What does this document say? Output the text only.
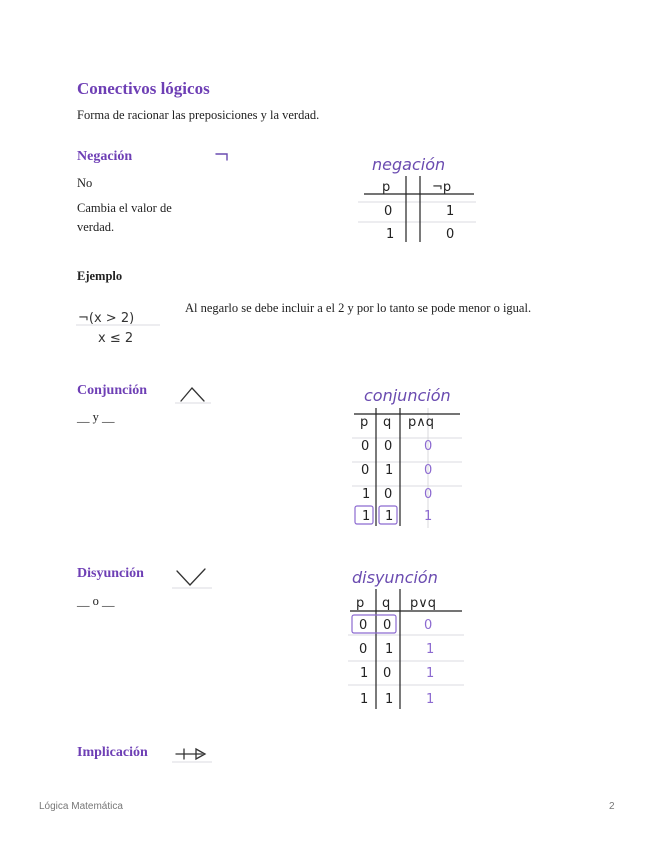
Conectivos lógicos
Forma de racionar las preposiciones y la verdad.
Negación
No
Cambia el valor de
verdad.
negación
p	¬p
0	1
1	0
Ejemplo
¬(x > 2)
x ≤ 2
Al negarlo se debe incluir a el 2 y por lo tanto se pode menor o igual.
Conjunción
__ y __
conjunción
p q p∧q
0 0 0
0 1 0
1 0 0
1 1 1
Disyunción
__ o __
disyunción
p q p∨q
0 0	0
0 1	1
1 0	1
1 1	1
Implicación
Lógica Matemática	2
